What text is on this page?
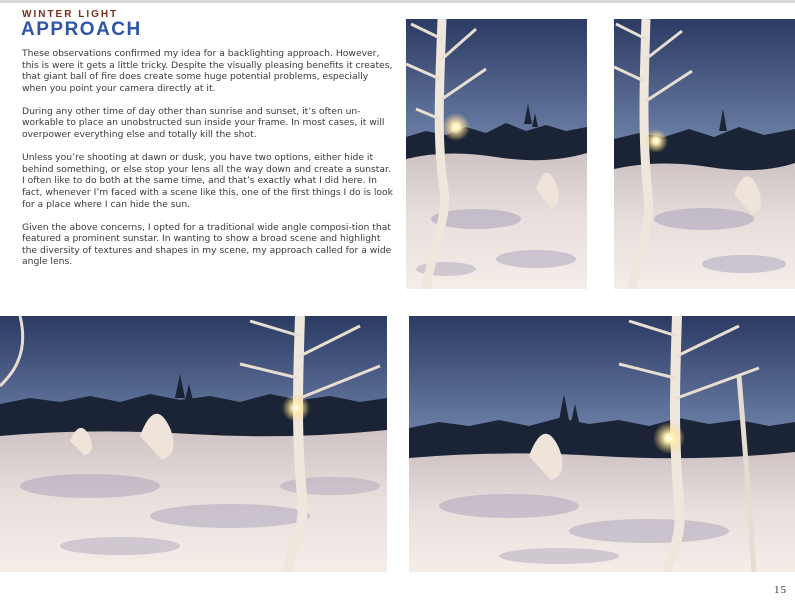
WINTER LIGHT
APPROACH

These observations confirmed my idea for a backlighting approach. However, this is were it gets a little tricky. Despite the visually pleasing benefits it creates, that giant ball of fire does create some huge potential problems, especially when you point your camera directly at it.

During any other time of day other than sunrise and sunset, it’s often un-workable to place an unobstructed sun inside your frame. In most cases, it will overpower everything else and totally kill the shot.

Unless you’re shooting at dawn or dusk, you have two options, either hide it behind something, or else stop your lens all the way down and create a sunstar. I often like to do both at the same time, and that’s exactly what I did here. In fact, whenever I’m faced with a scene like this, one of the first things I do is look for a place where I can hide the sun.

Given the above concerns, I opted for a traditional wide angle composi-tion that featured a prominent sunstar. In wanting to show a broad scene and highlight the diversity of textures and shapes in my scene, my approach called for a wide angle lens.

15
